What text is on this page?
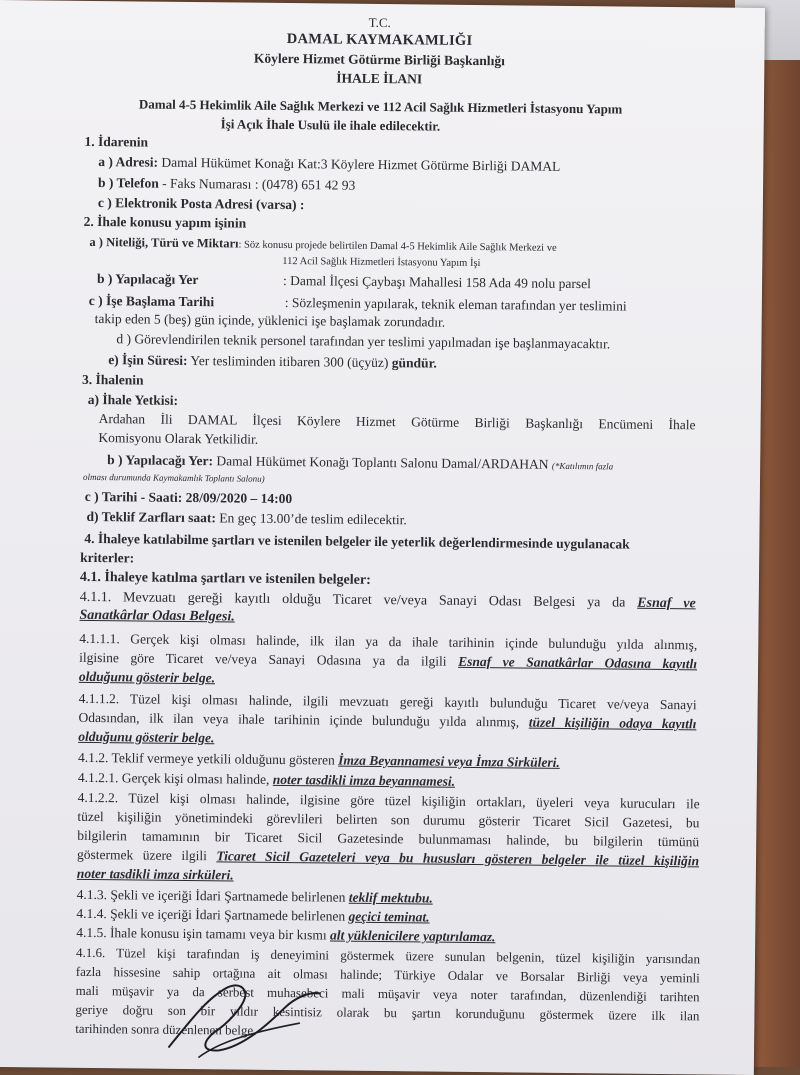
T.C.
DAMAL KAYMAKAMLIĞI
Köylere Hizmet Götürme Birliği Başkanlığı
İHALE İLANI
Damal 4-5 Hekimlik Aile Sağlık Merkezi ve 112 Acil Sağlık Hizmetleri İstasyonu Yapım
İşi Açık İhale Usulü ile ihale edilecektir.
1. İdarenin
a ) Adresi: Damal Hükümet Konağı Kat:3 Köylere Hizmet Götürme Birliği DAMAL
b ) Telefon - Faks Numarası : (0478) 651 42 93
c ) Elektronik Posta Adresi (varsa) :
2. İhale konusu yapım işinin
a ) Niteliği, Türü ve Miktarı: Söz konusu projede belirtilen Damal 4-5 Hekimlik Aile Sağlık Merkezi ve
112 Acil Sağlık Hizmetleri İstasyonu Yapım İşi
b ) Yapılacağı Yer	: Damal İlçesi Çaybaşı Mahallesi 158 Ada 49 nolu parsel
c ) İşe Başlama Tarihi	: Sözleşmenin yapılarak, teknik eleman tarafından yer teslimini
takip eden 5 (beş) gün içinde, yüklenici işe başlamak zorundadır.
d ) Görevlendirilen teknik personel tarafından yer teslimi yapılmadan işe başlanmayacaktır.
e) İşin Süresi: Yer tesliminden itibaren 300 (üçyüz) gündür.
3. İhalenin
a) İhale Yetkisi:
Ardahan İli DAMAL İlçesi Köylere Hizmet Götürme Birliği Başkanlığı Encümeni İhale
Komisyonu Olarak Yetkilidir.
b ) Yapılacağı Yer: Damal Hükümet Konağı Toplantı Salonu Damal/ARDAHAN (*Katılımın fazla
olması durumunda Kaymakamlık Toplantı Salonu)
c ) Tarihi - Saati: 28/09/2020 – 14:00
d) Teklif Zarfları saat: En geç 13.00’de teslim edilecektir.
4. İhaleye katılabilme şartları ve istenilen belgeler ile yeterlik değerlendirmesinde uygulanacak
kriterler:
4.1. İhaleye katılma şartları ve istenilen belgeler:
4.1.1. Mevzuatı gereği kayıtlı olduğu Ticaret ve/veya Sanayi Odası Belgesi ya da Esnaf ve
Sanatkârlar Odası Belgesi.
4.1.1.1. Gerçek kişi olması halinde, ilk ilan ya da ihale tarihinin içinde bulunduğu yılda alınmış,
ilgisine göre Ticaret ve/veya Sanayi Odasına ya da ilgili Esnaf ve Sanatkârlar Odasına kayıtlı
olduğunu gösterir belge.
4.1.1.2. Tüzel kişi olması halinde, ilgili mevzuatı gereği kayıtlı bulunduğu Ticaret ve/veya Sanayi
Odasından, ilk ilan veya ihale tarihinin içinde bulunduğu yılda alınmış, tüzel kişiliğin odaya kayıtlı
olduğunu gösterir belge.
4.1.2. Teklif vermeye yetkili olduğunu gösteren İmza Beyannamesi veya İmza Sirküleri.
4.1.2.1. Gerçek kişi olması halinde, noter tasdikli imza beyannamesi.
4.1.2.2. Tüzel kişi olması halinde, ilgisine göre tüzel kişiliğin ortakları, üyeleri veya kurucuları ile
tüzel kişiliğin yönetimindeki görevlileri belirten son durumu gösterir Ticaret Sicil Gazetesi, bu
bilgilerin tamamının bir Ticaret Sicil Gazetesinde bulunmaması halinde, bu bilgilerin tümünü
göstermek üzere ilgili Ticaret Sicil Gazeteleri veya bu hususları gösteren belgeler ile tüzel kişiliğin
noter tasdikli imza sirküleri.
4.1.3. Şekli ve içeriği İdari Şartnamede belirlenen teklif mektubu.
4.1.4. Şekli ve içeriği İdari Şartnamede belirlenen geçici teminat.
4.1.5. İhale konusu işin tamamı veya bir kısmı alt yüklenicilere yaptırılamaz.
4.1.6. Tüzel kişi tarafından iş deneyimini göstermek üzere sunulan belgenin, tüzel kişiliğin yarısından
fazla hissesine sahip ortağına ait olması halinde; Türkiye Odalar ve Borsalar Birliği veya yeminli
mali müşavir ya da serbest muhasebeci mali müşavir veya noter tarafından, düzenlendiği tarihten
geriye doğru son bir yıldır kesintisiz olarak bu şartın korunduğunu göstermek üzere ilk ilan
tarihinden sonra düzenlenen belge.
